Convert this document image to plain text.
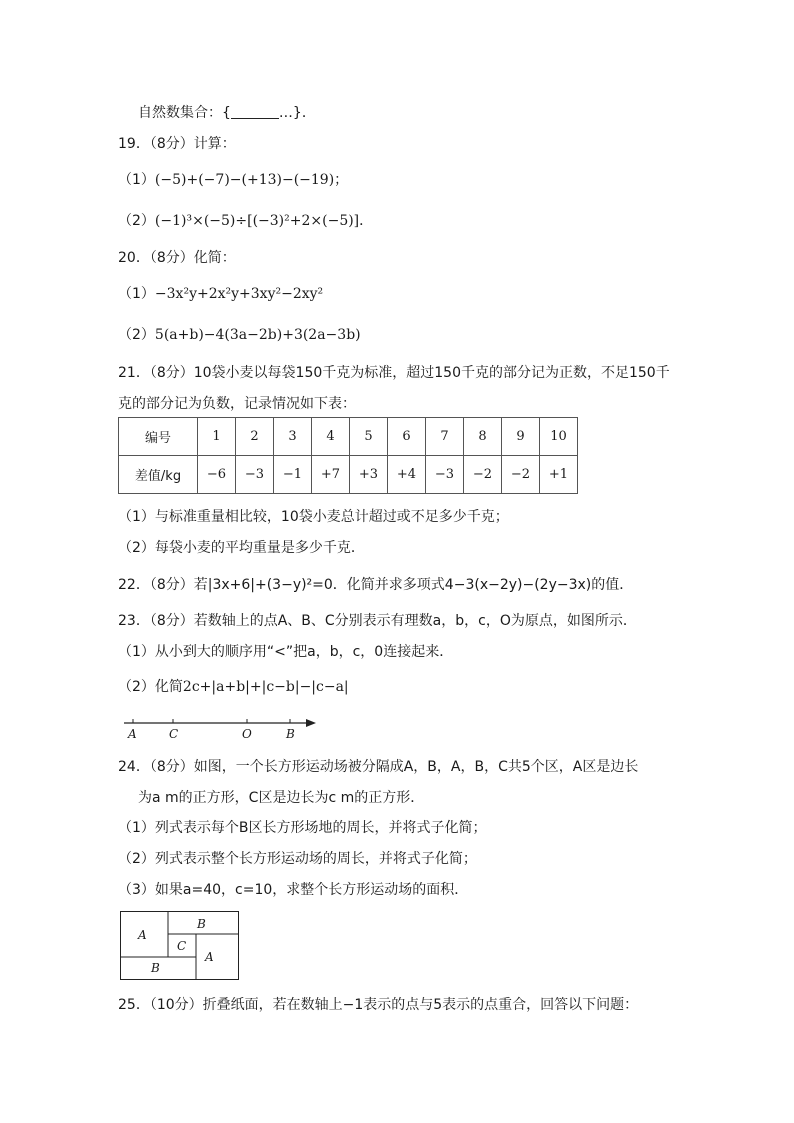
自然数集合：{	…}．
19．（8分）计算：
（1）(−5)+(−7)−(+13)−(−19)；
（2）(−1)³×(−5)÷[(−3)²+2×(−5)]．
20．（8分）化简：
（1）−3x²y+2x²y+3xy²−2xy²
（2）5(a+b)−4(3a−2b)+3(2a−3b)
21．（8分）10袋小麦以每袋150千克为标准，超过150千克的部分记为正数，不足150千
克的部分记为负数，记录情况如下表：
编号	1	2	3	4	5	6	7	8	9	10
差值/kg	−6	−3	−1	+7	+3	+4	−3	−2	−2	+1
（1）与标准重量相比较，10袋小麦总计超过或不足多少千克；
（2）每袋小麦的平均重量是多少千克．
22．（8分）若|3x+6|+(3−y)²=0．化简并求多项式4−3(x−2y)−(2y−3x)的值．
23．（8分）若数轴上的点A、B、C分别表示有理数a，b，c，O为原点，如图所示．
（1）从小到大的顺序用“<”把a，b，c，0连接起来．
（2）化简2c+|a+b|+|c−b|−|c−a|
A	C	O	B
24．（8分）如图，一个长方形运动场被分隔成A，B，A，B，C共5个区，A区是边长
为a m的正方形，C区是边长为c m的正方形．
（1）列式表示每个B区长方形场地的周长，并将式子化简；
（2）列式表示整个长方形运动场的周长，并将式子化简；
（3）如果a=40，c=10，求整个长方形运动场的面积．
A
B
C
A
B
25．（10分）折叠纸面，若在数轴上−1表示的点与5表示的点重合，回答以下问题：
